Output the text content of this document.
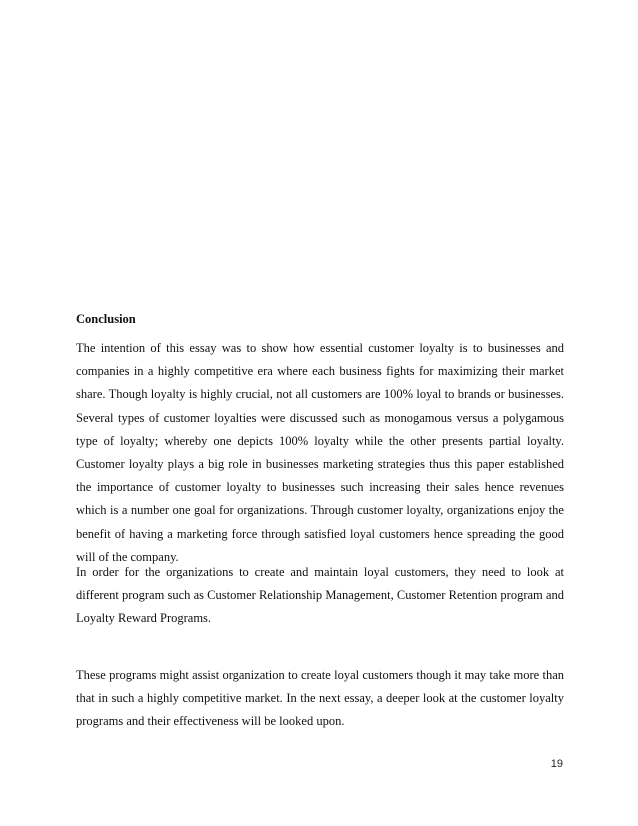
Conclusion

The intention of this essay was to show how essential customer loyalty is to businesses and companies in a highly competitive era where each business fights for maximizing their market share. Though loyalty is highly crucial, not all customers are 100% loyal to brands or businesses. Several types of customer loyalties were discussed such as monogamous versus a polygamous type of loyalty; whereby one depicts 100% loyalty while the other presents partial loyalty. Customer loyalty plays a big role in businesses marketing strategies thus this paper established the importance of customer loyalty to businesses such increasing their sales hence revenues which is a number one goal for organizations. Through customer loyalty, organizations enjoy the benefit of having a marketing force through satisfied loyal customers hence spreading the good will of the company.

In order for the organizations to create and maintain loyal customers, they need to look at different program such as Customer Relationship Management, Customer Retention program and Loyalty Reward Programs.

These programs might assist organization to create loyal customers though it may take more than that in such a highly competitive market. In the next essay, a deeper look at the customer loyalty programs and their effectiveness will be looked upon.

19
